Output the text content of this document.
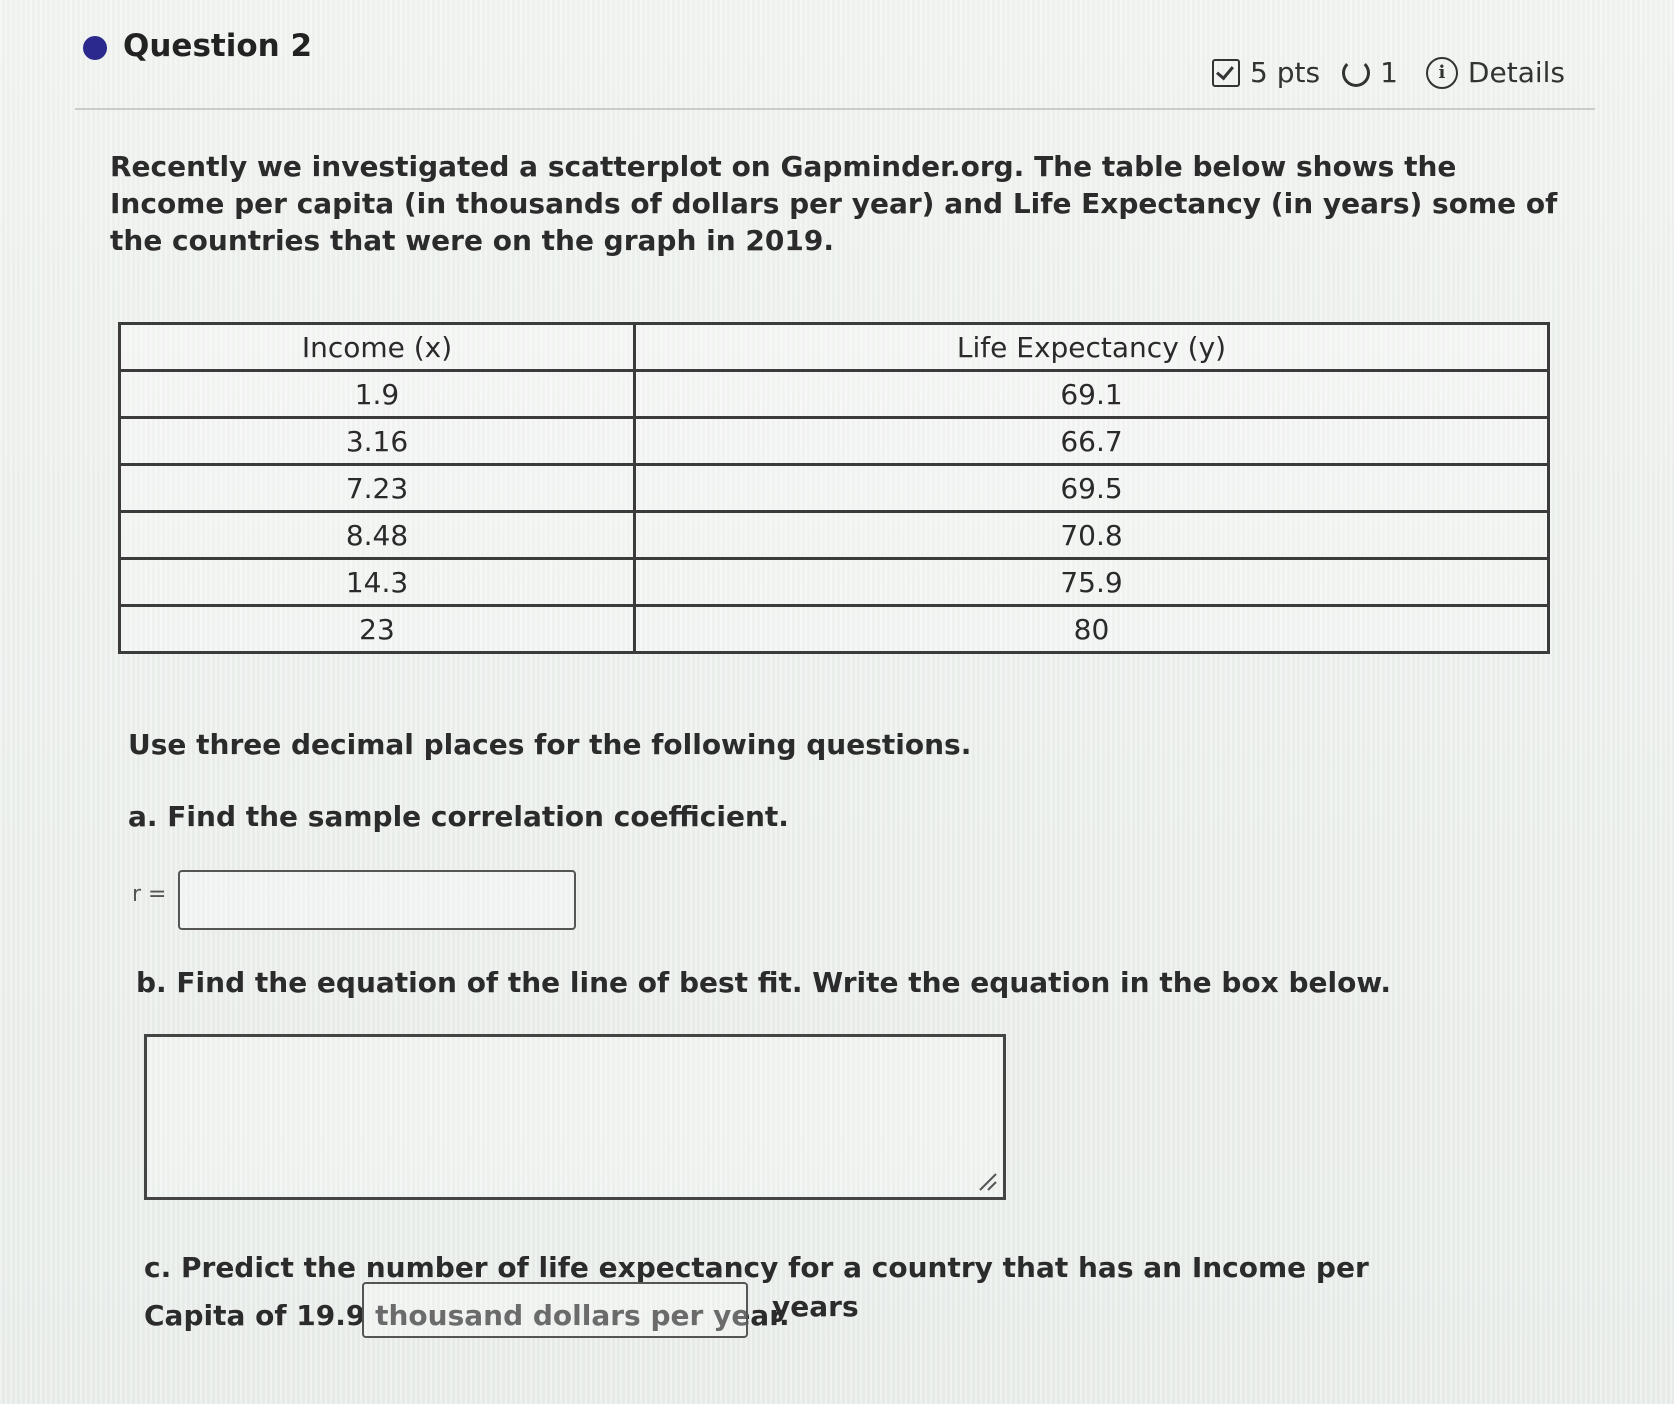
Question 2
5 pts 1	i Details
Recently we investigated a scatterplot on Gapminder.org. The table below shows the Income per capita (in thousands of dollars per year) and Life Expectancy (in years) some of the countries that were on the graph in 2019.
Income (x)	Life Expectancy (y)
1.9	69.1
3.16	66.7
7.23	69.5
8.48	70.8
14.3	75.9
23	80
Use three decimal places for the following questions.
a. Find the sample correlation coefficient.
r =
b. Find the equation of the line of best fit. Write the equation in the box below.
c. Predict the number of life expectancy for a country that has an Income per Capita of 19.9 thousand dollars per year.
years
